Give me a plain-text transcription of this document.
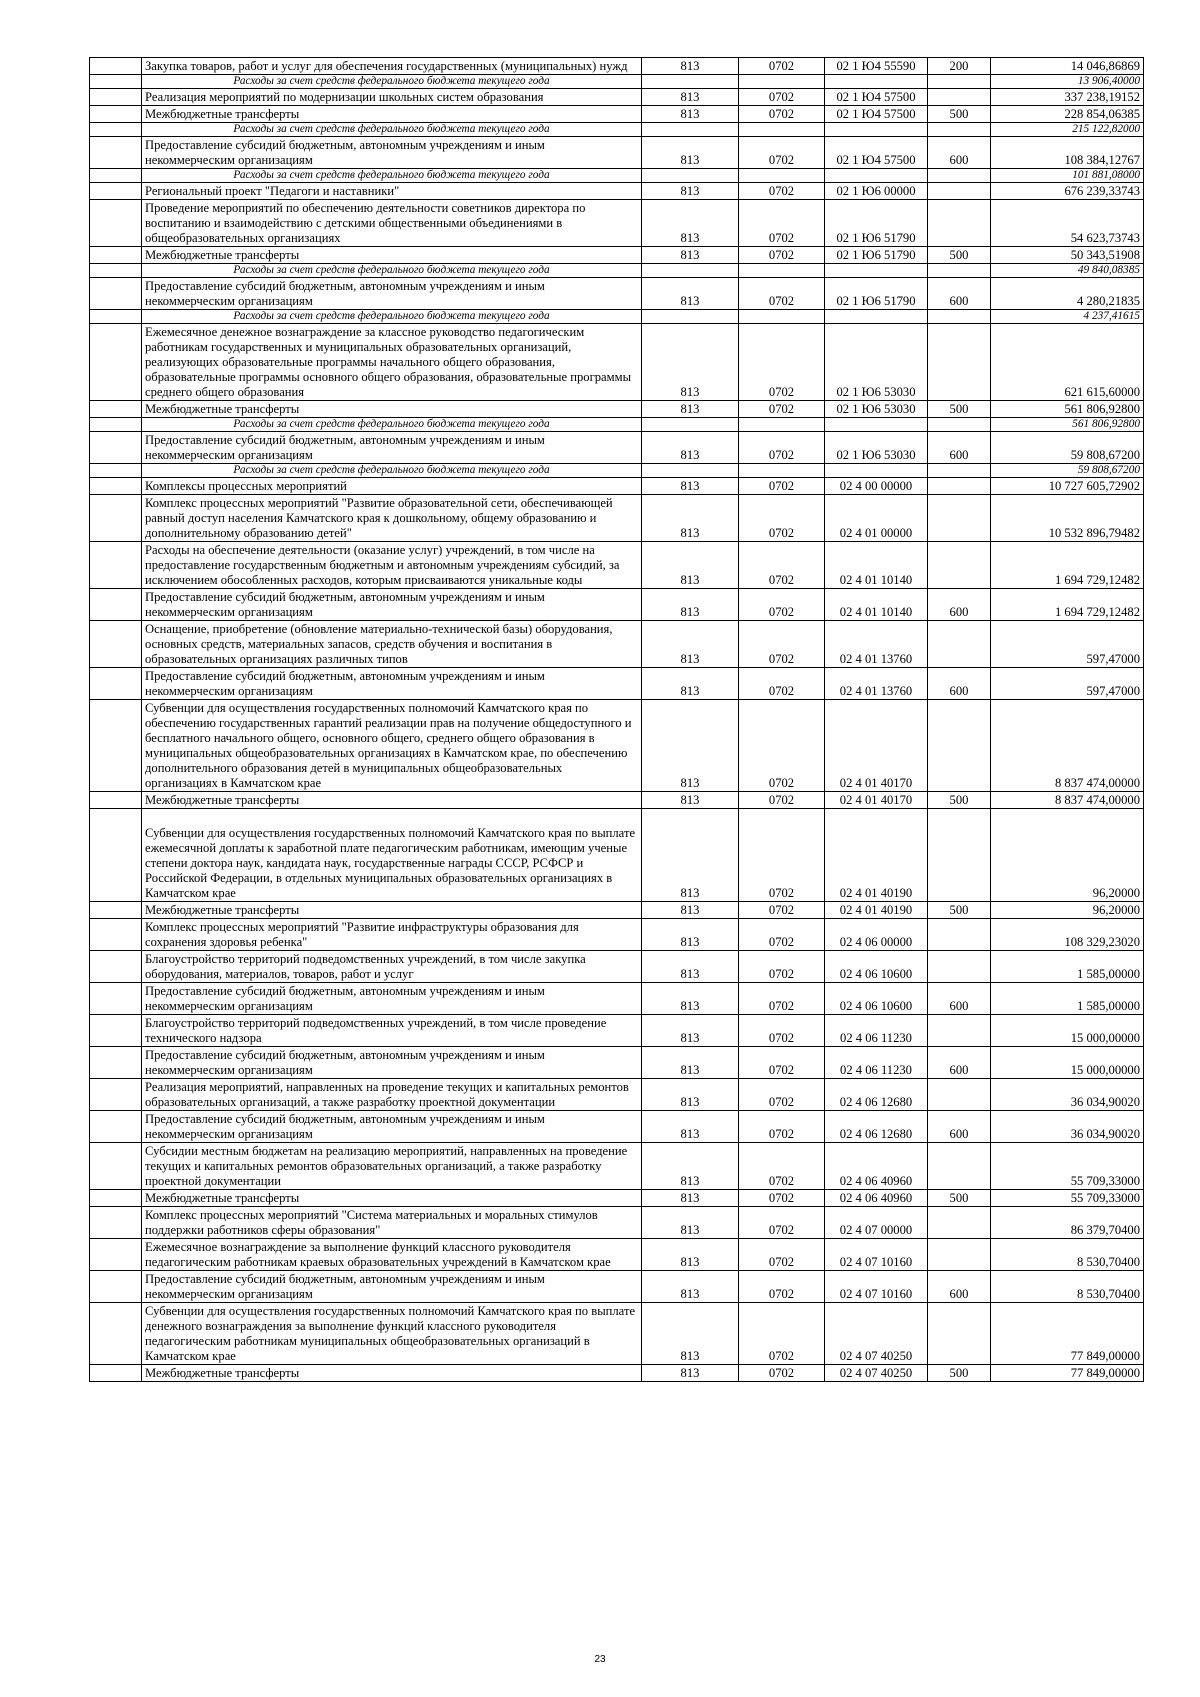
	Закупка товаров, работ и услуг для обеспечения государственных (муниципальных) нужд	813	0702	02 1 Ю4 55590	200	14 046,86869
	Расходы за счет средств федерального бюджета текущего года					13 906,40000
	Реализация мероприятий по модернизации школьных систем образования	813	0702	02 1 Ю4 57500		337 238,19152
	Межбюджетные трансферты	813	0702	02 1 Ю4 57500	500	228 854,06385
	Расходы за счет средств федерального бюджета текущего года					215 122,82000
	Предоставление субсидий бюджетным, автономным учреждениям и иным некоммерческим организациям	813	0702	02 1 Ю4 57500	600	108 384,12767
	Расходы за счет средств федерального бюджета текущего года					101 881,08000
	Региональный проект "Педагоги и наставники"	813	0702	02 1 Ю6 00000		676 239,33743
	Проведение мероприятий по обеспечению деятельности советников директора по воспитанию и взаимодействию с детскими общественными объединениями в общеобразовательных организациях	813	0702	02 1 Ю6 51790		54 623,73743
	Межбюджетные трансферты	813	0702	02 1 Ю6 51790	500	50 343,51908
	Расходы за счет средств федерального бюджета текущего года					49 840,08385
	Предоставление субсидий бюджетным, автономным учреждениям и иным некоммерческим организациям	813	0702	02 1 Ю6 51790	600	4 280,21835
	Расходы за счет средств федерального бюджета текущего года					4 237,41615
	Ежемесячное денежное вознаграждение за классное руководство педагогическим работникам государственных и муниципальных образовательных организаций, реализующих образовательные программы начального общего образования, образовательные программы основного общего образования, образовательные программы среднего общего образования	813	0702	02 1 Ю6 53030		621 615,60000
	Межбюджетные трансферты	813	0702	02 1 Ю6 53030	500	561 806,92800
	Расходы за счет средств федерального бюджета текущего года					561 806,92800
	Предоставление субсидий бюджетным, автономным учреждениям и иным некоммерческим организациям	813	0702	02 1 Ю6 53030	600	59 808,67200
	Расходы за счет средств федерального бюджета текущего года					59 808,67200
	Комплексы процессных мероприятий	813	0702	02 4 00 00000		10 727 605,72902
	Комплекс процессных мероприятий "Развитие образовательной сети, обеспечивающей равный доступ населения Камчатского края к дошкольному, общему образованию и дополнительному образованию детей"	813	0702	02 4 01 00000		10 532 896,79482
	Расходы на обеспечение деятельности (оказание услуг) учреждений, в том числе на предоставление государственным бюджетным и автономным учреждениям субсидий, за исключением обособленных расходов, которым присваиваются уникальные коды	813	0702	02 4 01 10140		1 694 729,12482
	Предоставление субсидий бюджетным, автономным учреждениям и иным некоммерческим организациям	813	0702	02 4 01 10140	600	1 694 729,12482
	Оснащение, приобретение (обновление материально-технической базы) оборудования, основных средств, материальных запасов, средств обучения и воспитания в образовательных организациях различных типов	813	0702	02 4 01 13760		597,47000
	Предоставление субсидий бюджетным, автономным учреждениям и иным некоммерческим организациям	813	0702	02 4 01 13760	600	597,47000
	Субвенции для осуществления государственных полномочий Камчатского края по обеспечению государственных гарантий реализации прав на получение общедоступного и бесплатного начального общего, основного общего, среднего общего образования в муниципальных общеобразовательных организациях в Камчатском крае, по обеспечению дополнительного образования детей в муниципальных общеобразовательных организациях в Камчатском крае	813	0702	02 4 01 40170		8 837 474,00000
	Межбюджетные трансферты	813	0702	02 4 01 40170	500	8 837 474,00000
	Субвенции для осуществления государственных полномочий Камчатского края по выплате ежемесячной доплаты к заработной плате педагогическим работникам, имеющим ученые степени доктора наук, кандидата наук, государственные награды СССР, РСФСР и Российской Федерации, в отдельных муниципальных образовательных организациях в Камчатском крае	813	0702	02 4 01 40190		96,20000
	Межбюджетные трансферты	813	0702	02 4 01 40190	500	96,20000
	Комплекс процессных мероприятий "Развитие инфраструктуры образования для сохранения здоровья ребенка"	813	0702	02 4 06 00000		108 329,23020
	Благоустройство территорий подведомственных учреждений, в том числе закупка оборудования, материалов, товаров, работ и услуг	813	0702	02 4 06 10600		1 585,00000
	Предоставление субсидий бюджетным, автономным учреждениям и иным некоммерческим организациям	813	0702	02 4 06 10600	600	1 585,00000
	Благоустройство территорий подведомственных учреждений, в том числе проведение технического надзора	813	0702	02 4 06 11230		15 000,00000
	Предоставление субсидий бюджетным, автономным учреждениям и иным некоммерческим организациям	813	0702	02 4 06 11230	600	15 000,00000
	Реализация мероприятий, направленных на проведение текущих и капитальных ремонтов образовательных организаций, а также разработку проектной документации	813	0702	02 4 06 12680		36 034,90020
	Предоставление субсидий бюджетным, автономным учреждениям и иным некоммерческим организациям	813	0702	02 4 06 12680	600	36 034,90020
	Субсидии местным бюджетам на реализацию мероприятий, направленных на проведение текущих и капитальных ремонтов образовательных организаций, а также разработку проектной документации	813	0702	02 4 06 40960		55 709,33000
	Межбюджетные трансферты	813	0702	02 4 06 40960	500	55 709,33000
	Комплекс процессных мероприятий "Система материальных и моральных стимулов поддержки работников сферы образования"	813	0702	02 4 07 00000		86 379,70400
	Ежемесячное вознаграждение за выполнение функций классного руководителя педагогическим работникам краевых образовательных учреждений в Камчатском крае	813	0702	02 4 07 10160		8 530,70400
	Предоставление субсидий бюджетным, автономным учреждениям и иным некоммерческим организациям	813	0702	02 4 07 10160	600	8 530,70400
	Субвенции для осуществления государственных полномочий Камчатского края по выплате денежного вознаграждения за выполнение функций классного руководителя педагогическим работникам муниципальных общеобразовательных организаций в Камчатском крае	813	0702	02 4 07 40250		77 849,00000
	Межбюджетные трансферты	813	0702	02 4 07 40250	500	77 849,00000
23
